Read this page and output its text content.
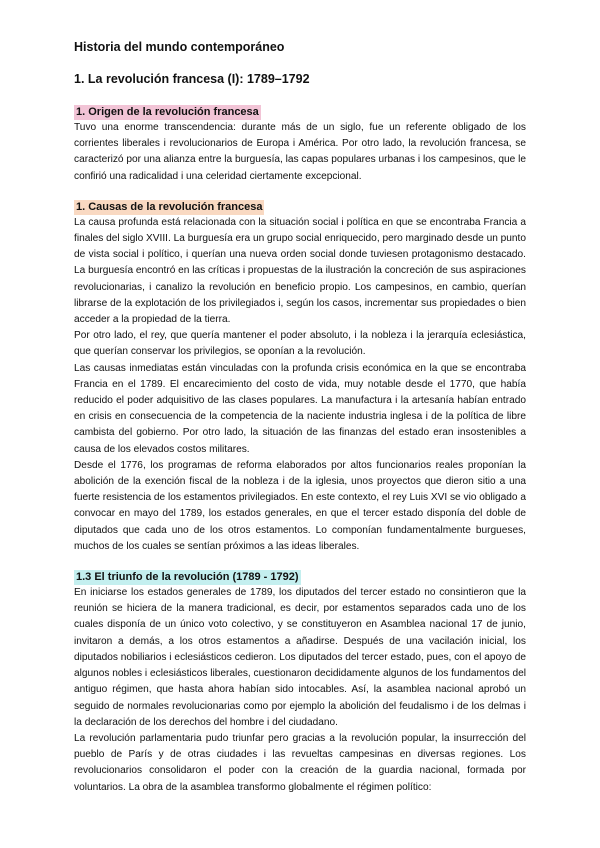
Historia del mundo contemporáneo
1. La revolución francesa (I): 1789–1792
1. Origen de la revolución francesa

Tuvo una enorme transcendencia: durante más de un siglo, fue un referente obligado de los corrientes liberales i revolucionarios de Europa i América. Por otro lado, la revolución francesa, se caracterizó por una alianza entre la burguesía, las capas populares urbanas i los campesinos, que le confirió una radicalidad i una celeridad ciertamente excepcional.

1. Causas de la revolución francesa

La causa profunda está relacionada con la situación social i política en que se encontraba Francia a finales del siglo XVIII. La burguesía era un grupo social enriquecido, pero marginado desde un punto de vista social i político, i querían una nueva orden social donde tuviesen protagonismo destacado. La burguesía encontró en las críticas i propuestas de la ilustración la concreción de sus aspiraciones revolucionarias, i canalizo la revolución en beneficio propio. Los campesinos, en cambio, querían librarse de la explotación de los privilegiados i, según los casos, incrementar sus propiedades o bien acceder a la propiedad de la tierra.

Por otro lado, el rey, que quería mantener el poder absoluto, i la nobleza i la jerarquía eclesiástica, que querían conservar los privilegios, se oponían a la revolución.

Las causas inmediatas están vinculadas con la profunda crisis económica en la que se encontraba Francia en el 1789. El encarecimiento del costo de vida, muy notable desde el 1770, que había reducido el poder adquisitivo de las clases populares. La manufactura i la artesanía habían entrado en crisis en consecuencia de la competencia de la naciente industria inglesa i de la política de libre cambista del gobierno. Por otro lado, la situación de las finanzas del estado eran insostenibles a causa de los elevados costos militares.

Desde el 1776, los programas de reforma elaborados por altos funcionarios reales proponían la abolición de la exención fiscal de la nobleza i de la iglesia, unos proyectos que dieron sitio a una fuerte resistencia de los estamentos privilegiados. En este contexto, el rey Luis XVI se vio obligado a convocar en mayo del 1789, los estados generales, en que el tercer estado disponía del doble de diputados que cada uno de los otros estamentos. Lo componían fundamentalmente burgueses, muchos de los cuales se sentían próximos a las ideas liberales.

1.3 El triunfo de la revolución (1789 - 1792)

En iniciarse los estados generales de 1789, los diputados del tercer estado no consintieron que la reunión se hiciera de la manera tradicional, es decir, por estamentos separados cada uno de los cuales disponía de un único voto colectivo, y se constituyeron en Asamblea nacional 17 de junio, invitaron a demás, a los otros estamentos a añadirse. Después de una vacilación inicial, los diputados nobiliarios i eclesiásticos cedieron. Los diputados del tercer estado, pues, con el apoyo de algunos nobles i eclesiásticos liberales, cuestionaron decididamente algunos de los fundamentos del antiguo régimen, que hasta ahora habían sido intocables. Así, la asamblea nacional aprobó un seguido de normales revolucionarias como por ejemplo la abolición del feudalismo i de los delmas i la declaración de los derechos del hombre i del ciudadano.

La revolución parlamentaria pudo triunfar pero gracias a la revolución popular, la insurrección del pueblo de París y de otras ciudades i las revueltas campesinas en diversas regiones. Los revolucionarios consolidaron el poder con la creación de la guardia nacional, formada por voluntarios. La obra de la asamblea transformo globalmente el régimen político:
